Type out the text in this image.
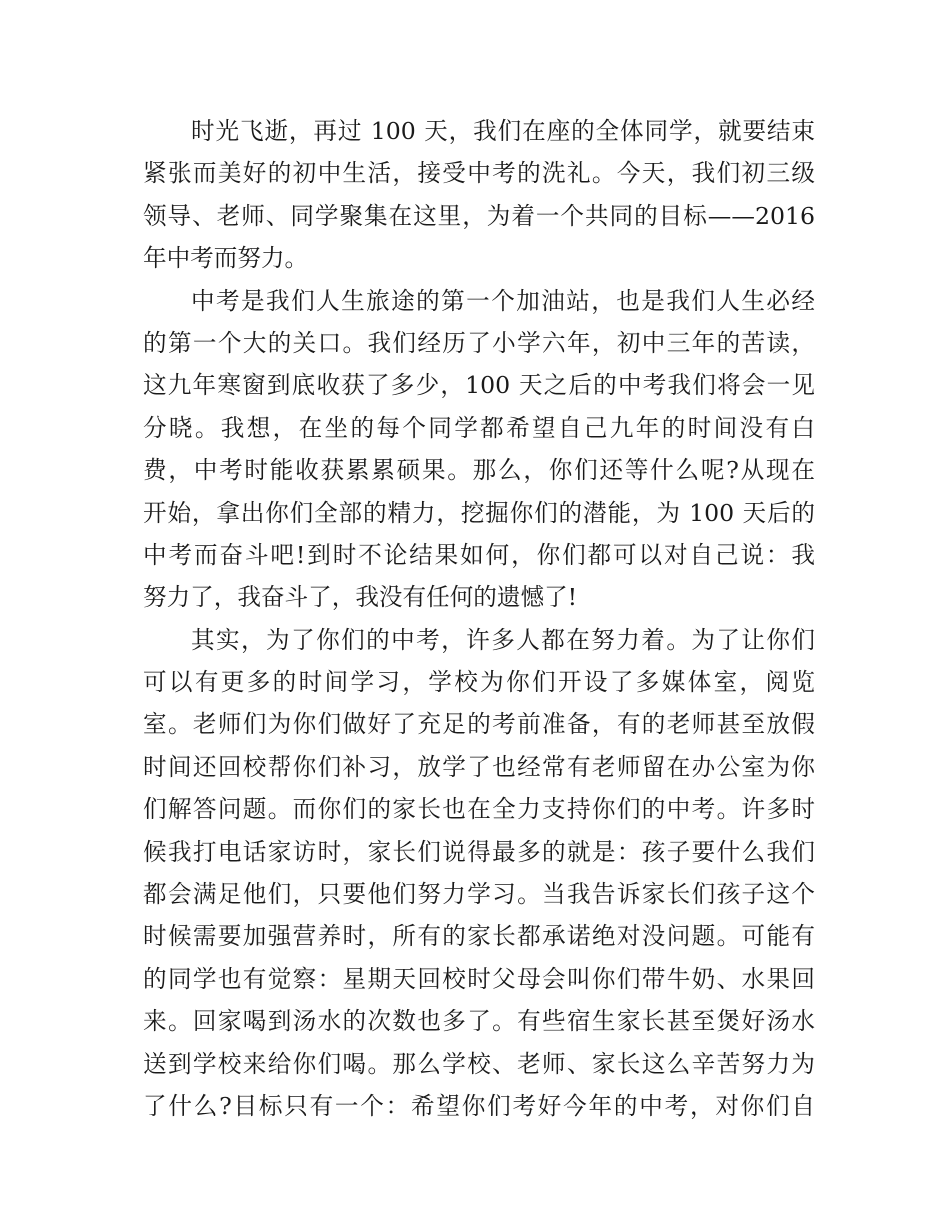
时光飞逝，再过 100 天，我们在座的全体同学，就要结束
紧张而美好的初中生活，接受中考的洗礼。今天，我们初三级
领导、老师、同学聚集在这里，为着一个共同的目标——2016
年中考而努力。
中考是我们人生旅途的第一个加油站，也是我们人生必经
的第一个大的关口。我们经历了小学六年，初中三年的苦读，
这九年寒窗到底收获了多少，100 天之后的中考我们将会一见
分晓。我想，在坐的每个同学都希望自己九年的时间没有白
费，中考时能收获累累硕果。那么，你们还等什么呢?从现在
开始，拿出你们全部的精力，挖掘你们的潜能，为 100 天后的
中考而奋斗吧!到时不论结果如何，你们都可以对自己说：我
努力了，我奋斗了，我没有任何的遗憾了!
其实，为了你们的中考，许多人都在努力着。为了让你们
可以有更多的时间学习，学校为你们开设了多媒体室，阅览
室。老师们为你们做好了充足的考前准备，有的老师甚至放假
时间还回校帮你们补习，放学了也经常有老师留在办公室为你
们解答问题。而你们的家长也在全力支持你们的中考。许多时
候我打电话家访时，家长们说得最多的就是：孩子要什么我们
都会满足他们，只要他们努力学习。当我告诉家长们孩子这个
时候需要加强营养时，所有的家长都承诺绝对没问题。可能有
的同学也有觉察：星期天回校时父母会叫你们带牛奶、水果回
来。回家喝到汤水的次数也多了。有些宿生家长甚至煲好汤水
送到学校来给你们喝。那么学校、老师、家长这么辛苦努力为
了什么?目标只有一个：希望你们考好今年的中考，对你们自
